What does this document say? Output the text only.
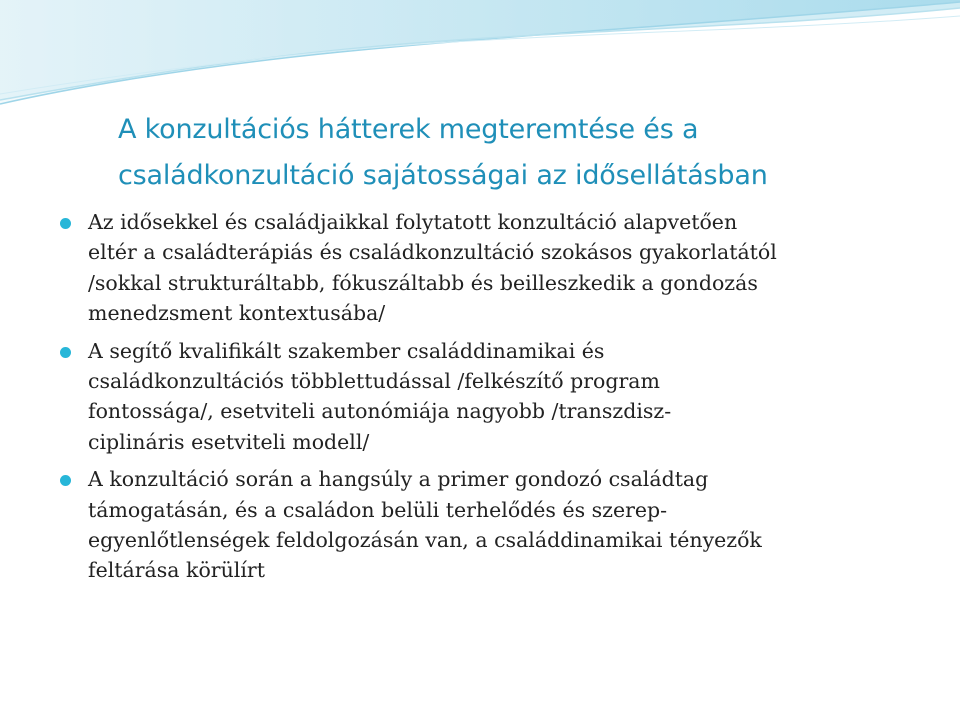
A konzultációs hátterek megteremtése és a
családkonzultáció sajátosságai az idősellátásban
Az idősekkel és családjaikkal folytatott konzultáció alapvetően
eltér a családterápiás és családkonzultáció szokásos gyakorlatától
/sokkal strukturáltabb, fókuszáltabb és beilleszkedik a gondozás
menedzsment kontextusába/
A segítő kvalifikált szakember családdinamikai és
családkonzultációs többlettudással /felkészítő program
fontossága/, esetviteli autonómiája nagyobb /transzdisz-
ciplináris esetviteli modell/
A konzultáció során a hangsúly a primer gondozó családtag
támogatásán, és a családon belüli terhelődés és szerep-
egyenlőtlenségek feldolgozásán van, a családdinamikai tényezők
feltárása körülírt
